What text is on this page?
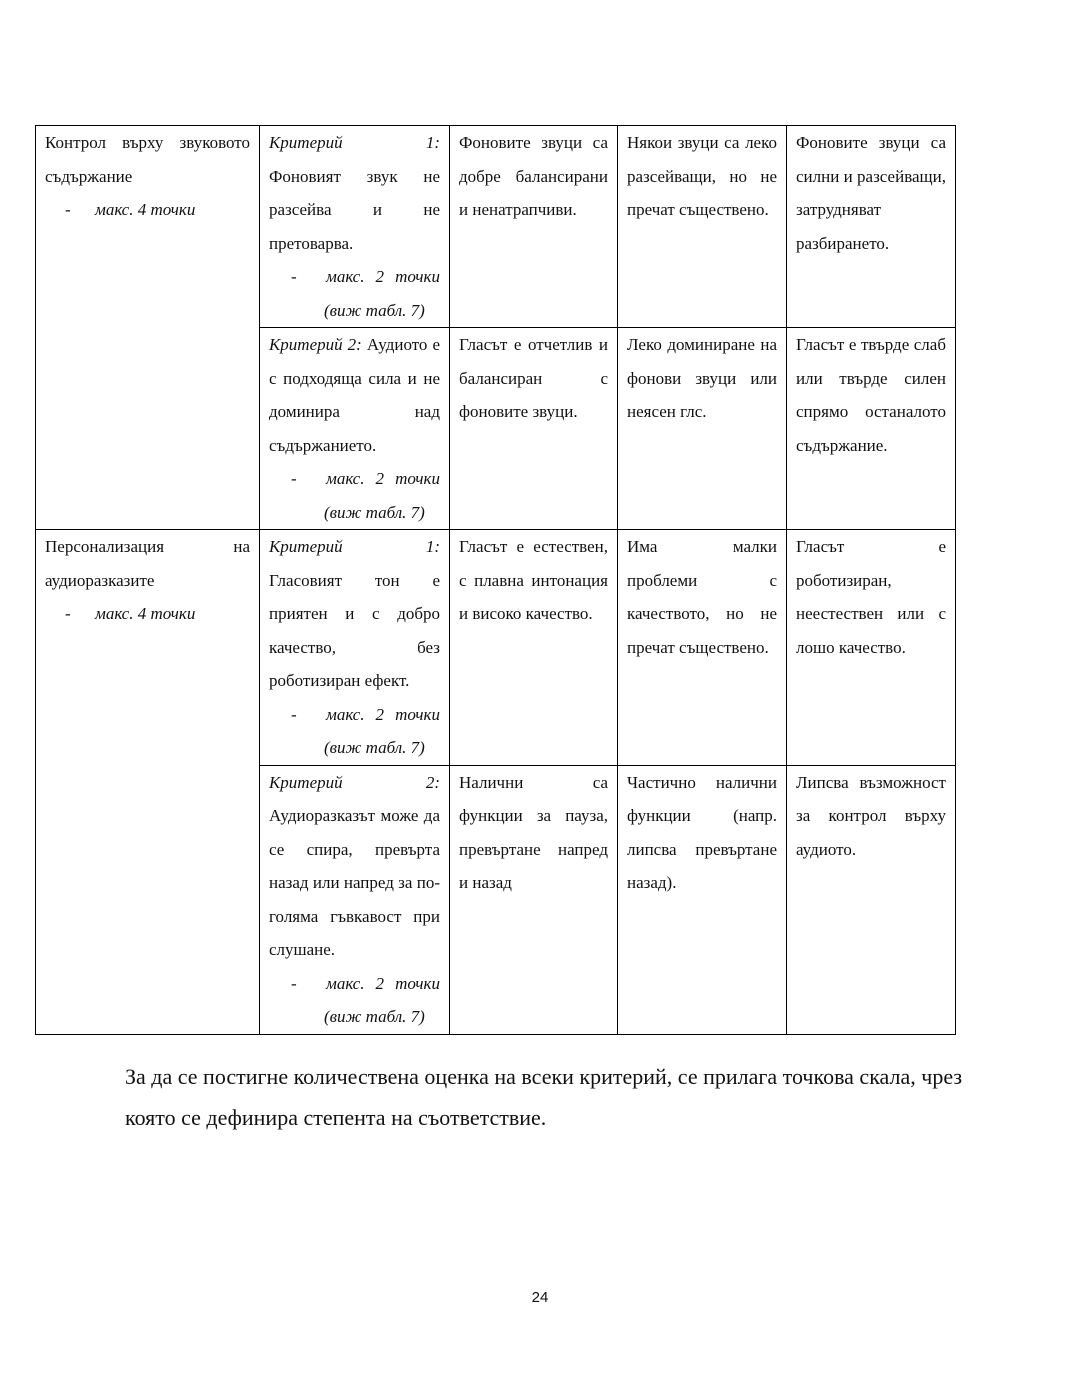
Контрол върху звуковото съдържание
- макс. 4 точки	Критерий 1:
Фоновият звук не разсейва и не претоварва.
- макс. 2 точки
(виж табл. 7)	Фоновите звуци са добре балансирани и ненатрапчиви.	Някои звуци са леко разсейващи, но не пречат съществено.	Фоновите звуци са силни и разсейващи, затрудняват разбирането.
	Критерий 2: Аудиото е с подходяща сила и не доминира над съдържанието.
- макс. 2 точки
(виж табл. 7)	Гласът е отчетлив и балансиран с фоновите звуци.	Леко доминиране на фонови звуци или неясен глс.	Гласът е твърде слаб или твърде силен спрямо останалото съдържание.

Персонализация на аудиоразказите
- макс. 4 точки	Критерий 1:
Гласовият тон е приятен и с добро качество, без роботизиран ефект.
- макс. 2 точки
(виж табл. 7)	Гласът е естествен, с плавна интонация и високо качество.	Има малки проблеми с качеството, но не пречат съществено.	Гласът е роботизиран, неестествен или с лошо качество.

	Критерий 2:
Аудиоразказът може да се спира, превърта назад или напред за по-голяма гъвкавост при слушане.
- макс. 2 точки
(виж табл. 7)	Налични са функции за пауза, превъртане напред и назад	Частично налични функции (напр. липсва превъртане назад).	Липсва възможност за контрол върху аудиото.

За да се постигне количествена оценка на всеки критерий, се прилага точкова скала, чрез която се дефинира степента на съответствие.

24
